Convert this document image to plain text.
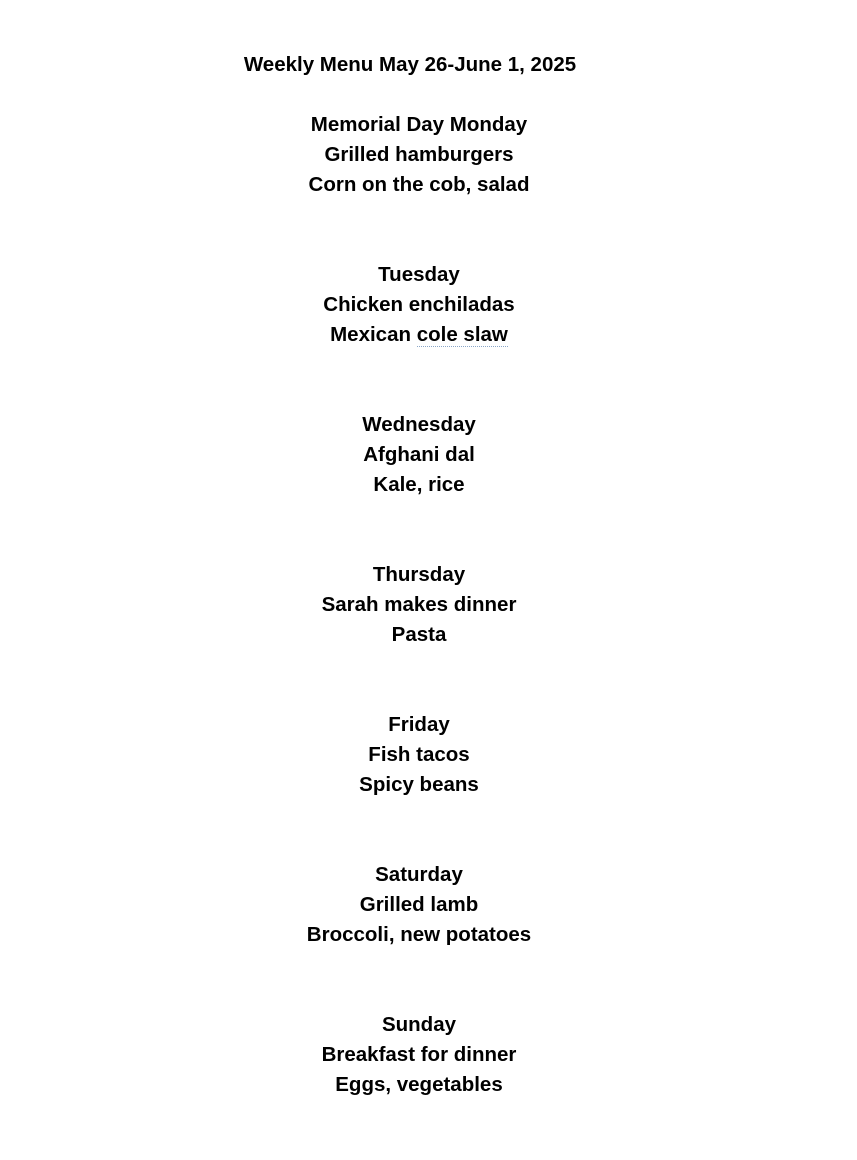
Weekly Menu May 26-June 1, 2025
Memorial Day Monday
Grilled hamburgers
Corn on the cob, salad
Tuesday
Chicken enchiladas
Mexican cole slaw
Wednesday
Afghani dal
Kale, rice
Thursday
Sarah makes dinner
Pasta
Friday
Fish tacos
Spicy beans
Saturday
Grilled lamb
Broccoli, new potatoes
Sunday
Breakfast for dinner
Eggs, vegetables
